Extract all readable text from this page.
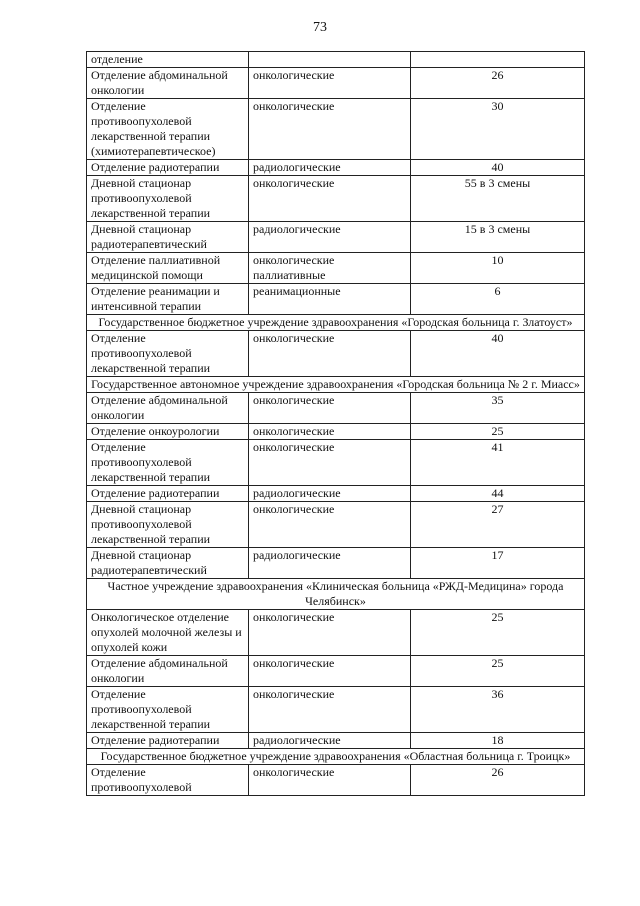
73
отделение		
Отделение абдоминальной онкологии	онкологические	26
Отделение противоопухолевой лекарственной терапии (химиотерапевтическое)	онкологические	30
Отделение радиотерапии	радиологические	40
Дневной стационар противоопухолевой лекарственной терапии	онкологические	55 в 3 смены
Дневной стационар радиотерапевтический	радиологические	15 в 3 смены
Отделение паллиативной медицинской помощи	онкологические паллиативные	10
Отделение реанимации и интенсивной терапии	реанимационные	6
Государственное бюджетное учреждение здравоохранения «Городская больница г. Златоуст»		
Отделение противоопухолевой лекарственной терапии	онкологические	40
Государственное автономное учреждение здравоохранения «Городская больница № 2 г. Миасс»		
Отделение абдоминальной онкологии	онкологические	35
Отделение онкоурологии	онкологические	25
Отделение противоопухолевой лекарственной терапии	онкологические	41
Отделение радиотерапии	радиологические	44
Дневной стационар противоопухолевой лекарственной терапии	онкологические	27
Дневной стационар радиотерапевтический	радиологические	17
Частное учреждение здравоохранения «Клиническая больница «РЖД-Медицина» города Челябинск»		
Онкологическое отделение опухолей молочной железы и опухолей кожи	онкологические	25
Отделение абдоминальной онкологии	онкологические	25
Отделение противоопухолевой лекарственной терапии	онкологические	36
Отделение радиотерапии	радиологические	18
Государственное бюджетное учреждение здравоохранения «Областная больница г. Троицк»		
Отделение противоопухолевой	онкологические	26
